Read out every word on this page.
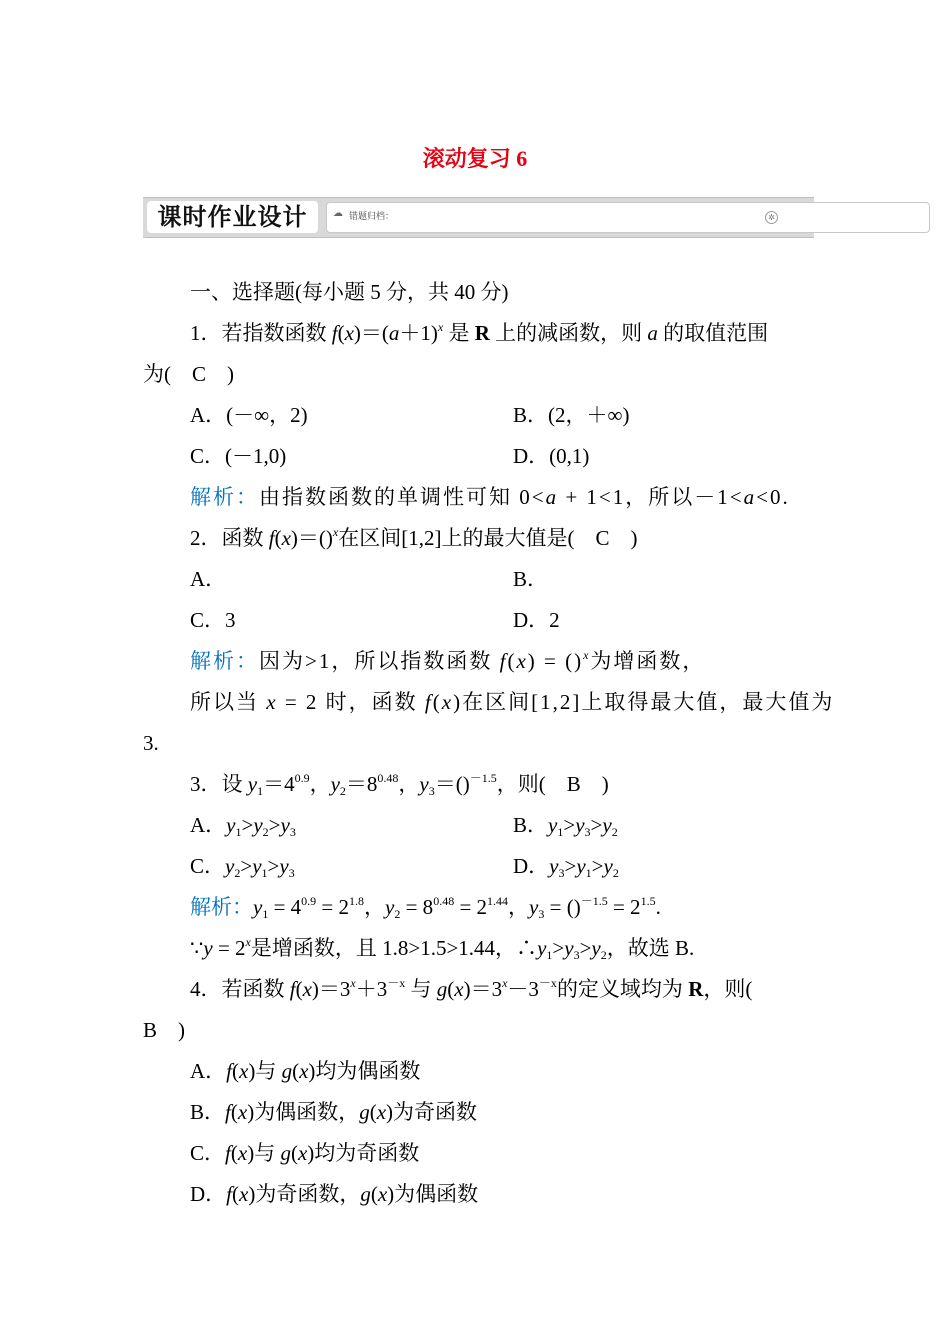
滚动复习 6
课时作业设计	☁ 错题归档：	✲
一、选择题(每小题 5 分，共 40 分)
1．若指数函数 $f(x)=(a+1)^x$ 是 R 上的减函数，则 a 的取值范围
为(　C　)
A．(－∞，2)	B．(2，＋∞)
C．(－1,0)	D．(0,1)
解析：由指数函数的单调性可知 0<a + 1<1，所以－1<a<0.
2．函数 f(x)＝()$^x$在区间[1,2]上的最大值是(　C　)
A．	B．
C．3	D．2
解析：因为>1，所以指数函数 f(x) = ()$^x$为增函数，
所以当 x = 2 时，函数 f(x)在区间[1,2]上取得最大值，最大值为
3.
3．设 $y_1=4^{0.9}$，$y_2=8^{0.48}$，$y_3=()^{-1.5}$，则(　B　)
A．$y_1>y_2>y_3$	B．$y_1>y_3>y_2$
C．$y_2>y_1>y_3$	D．$y_3>y_1>y_2$
解析：$y_1 = 4^{0.9} = 2^{1.8}$，$y_2 = 8^{0.48} = 2^{1.44}$，$y_3 = ()^{-1.5} = 2^{1.5}$.
∵y = $2^x$是增函数，且 1.8>1.5>1.44，$\therefore y_1>y_3>y_2$，故选 B.
4．若函数 $f(x)=3^x+3^{-x}$ 与 $g(x)=3^x-3^{-x}$的定义域均为 R，则(
B　)
A．f(x)与 g(x)均为偶函数
B．f(x)为偶函数，g(x)为奇函数
C．f(x)与 g(x)均为奇函数
D．f(x)为奇函数，g(x)为偶函数
